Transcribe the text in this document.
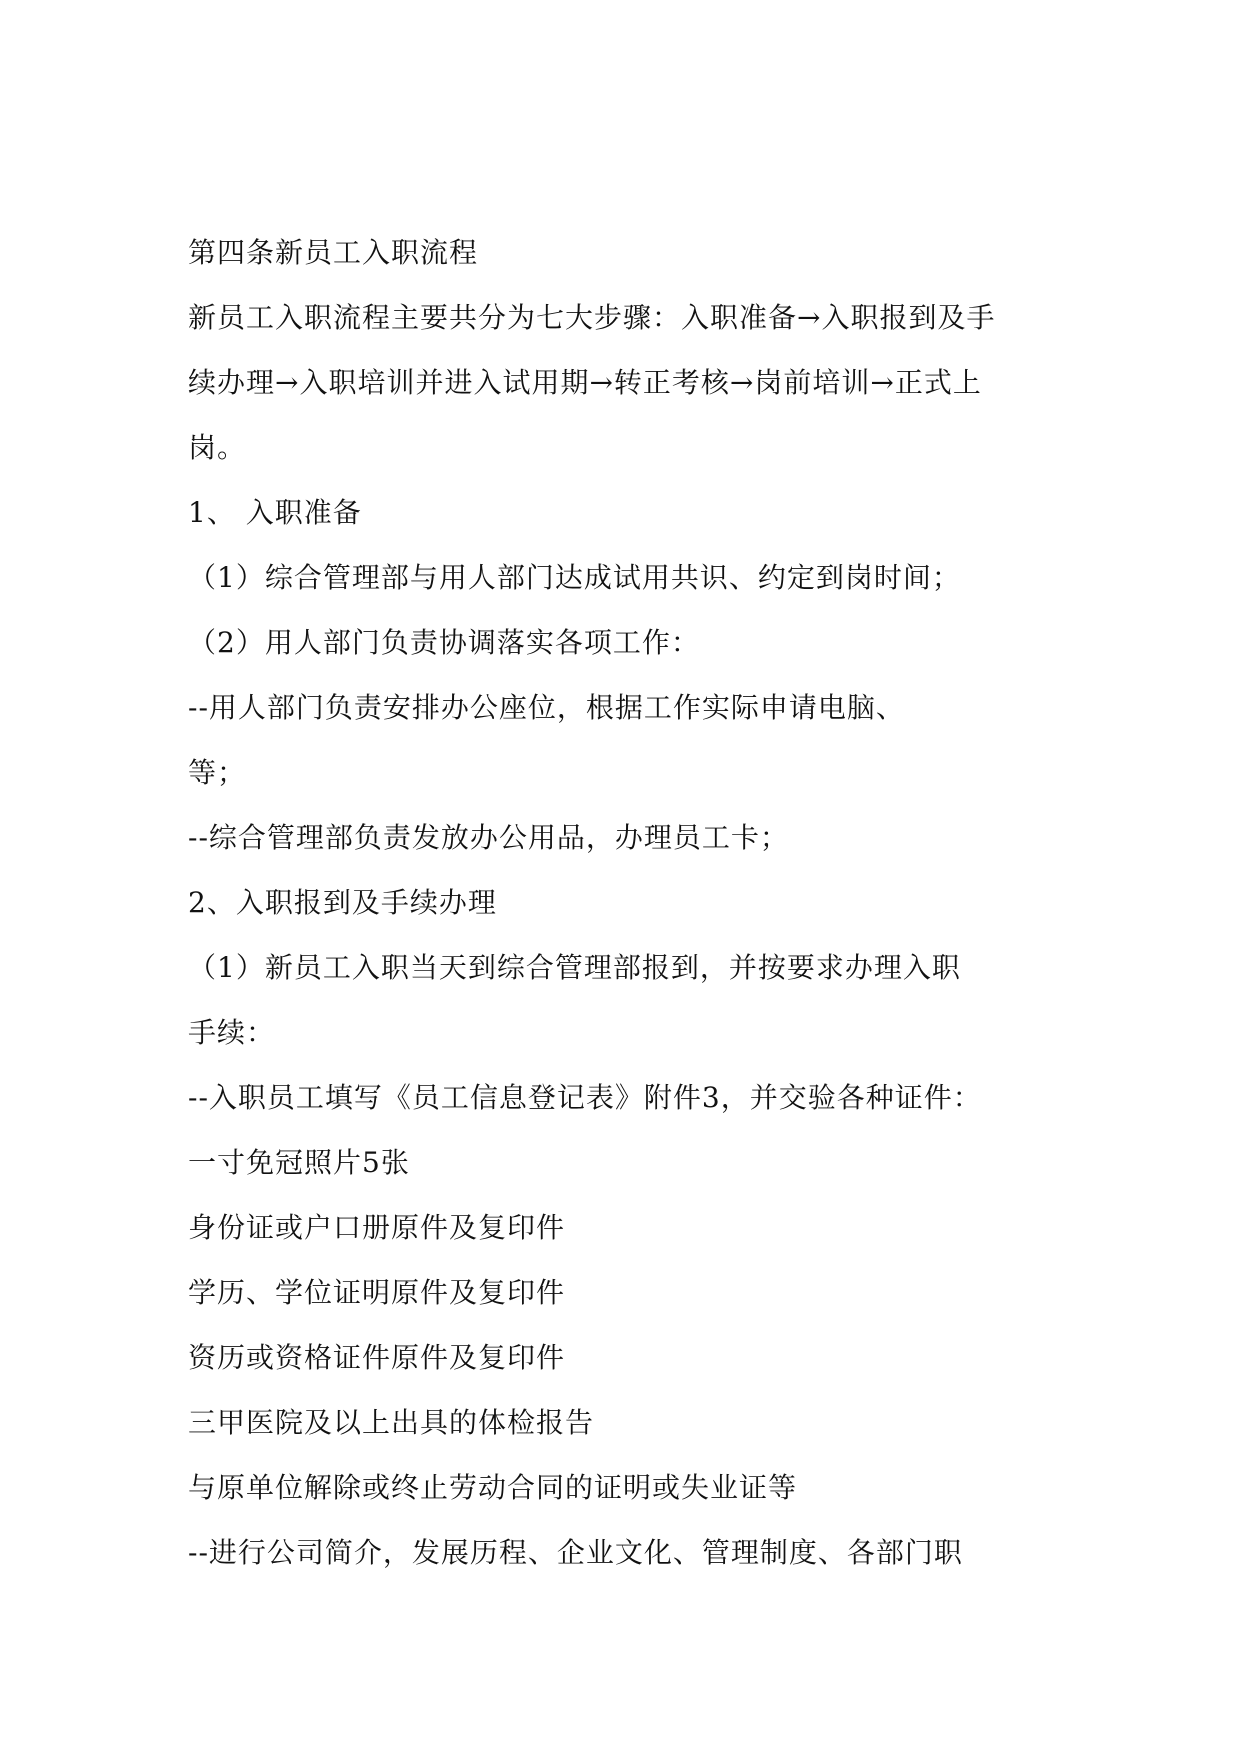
第四条新员工入职流程
新员工入职流程主要共分为七大步骤：入职准备→入职报到及手
续办理→入职培训并进入试用期→转正考核→岗前培训→正式上
岗。
1、 入职准备
（1）综合管理部与用人部门达成试用共识、约定到岗时间；
（2）用人部门负责协调落实各项工作：
--用人部门负责安排办公座位，根据工作实际申请电脑、
等；
--综合管理部负责发放办公用品，办理员工卡；
2、入职报到及手续办理
（1）新员工入职当天到综合管理部报到，并按要求办理入职
手续：
--入职员工填写《员工信息登记表》附件3，并交验各种证件：
一寸免冠照片5张
身份证或户口册原件及复印件
学历、学位证明原件及复印件
资历或资格证件原件及复印件
三甲医院及以上出具的体检报告
与原单位解除或终止劳动合同的证明或失业证等
--进行公司简介，发展历程、企业文化、管理制度、各部门职
